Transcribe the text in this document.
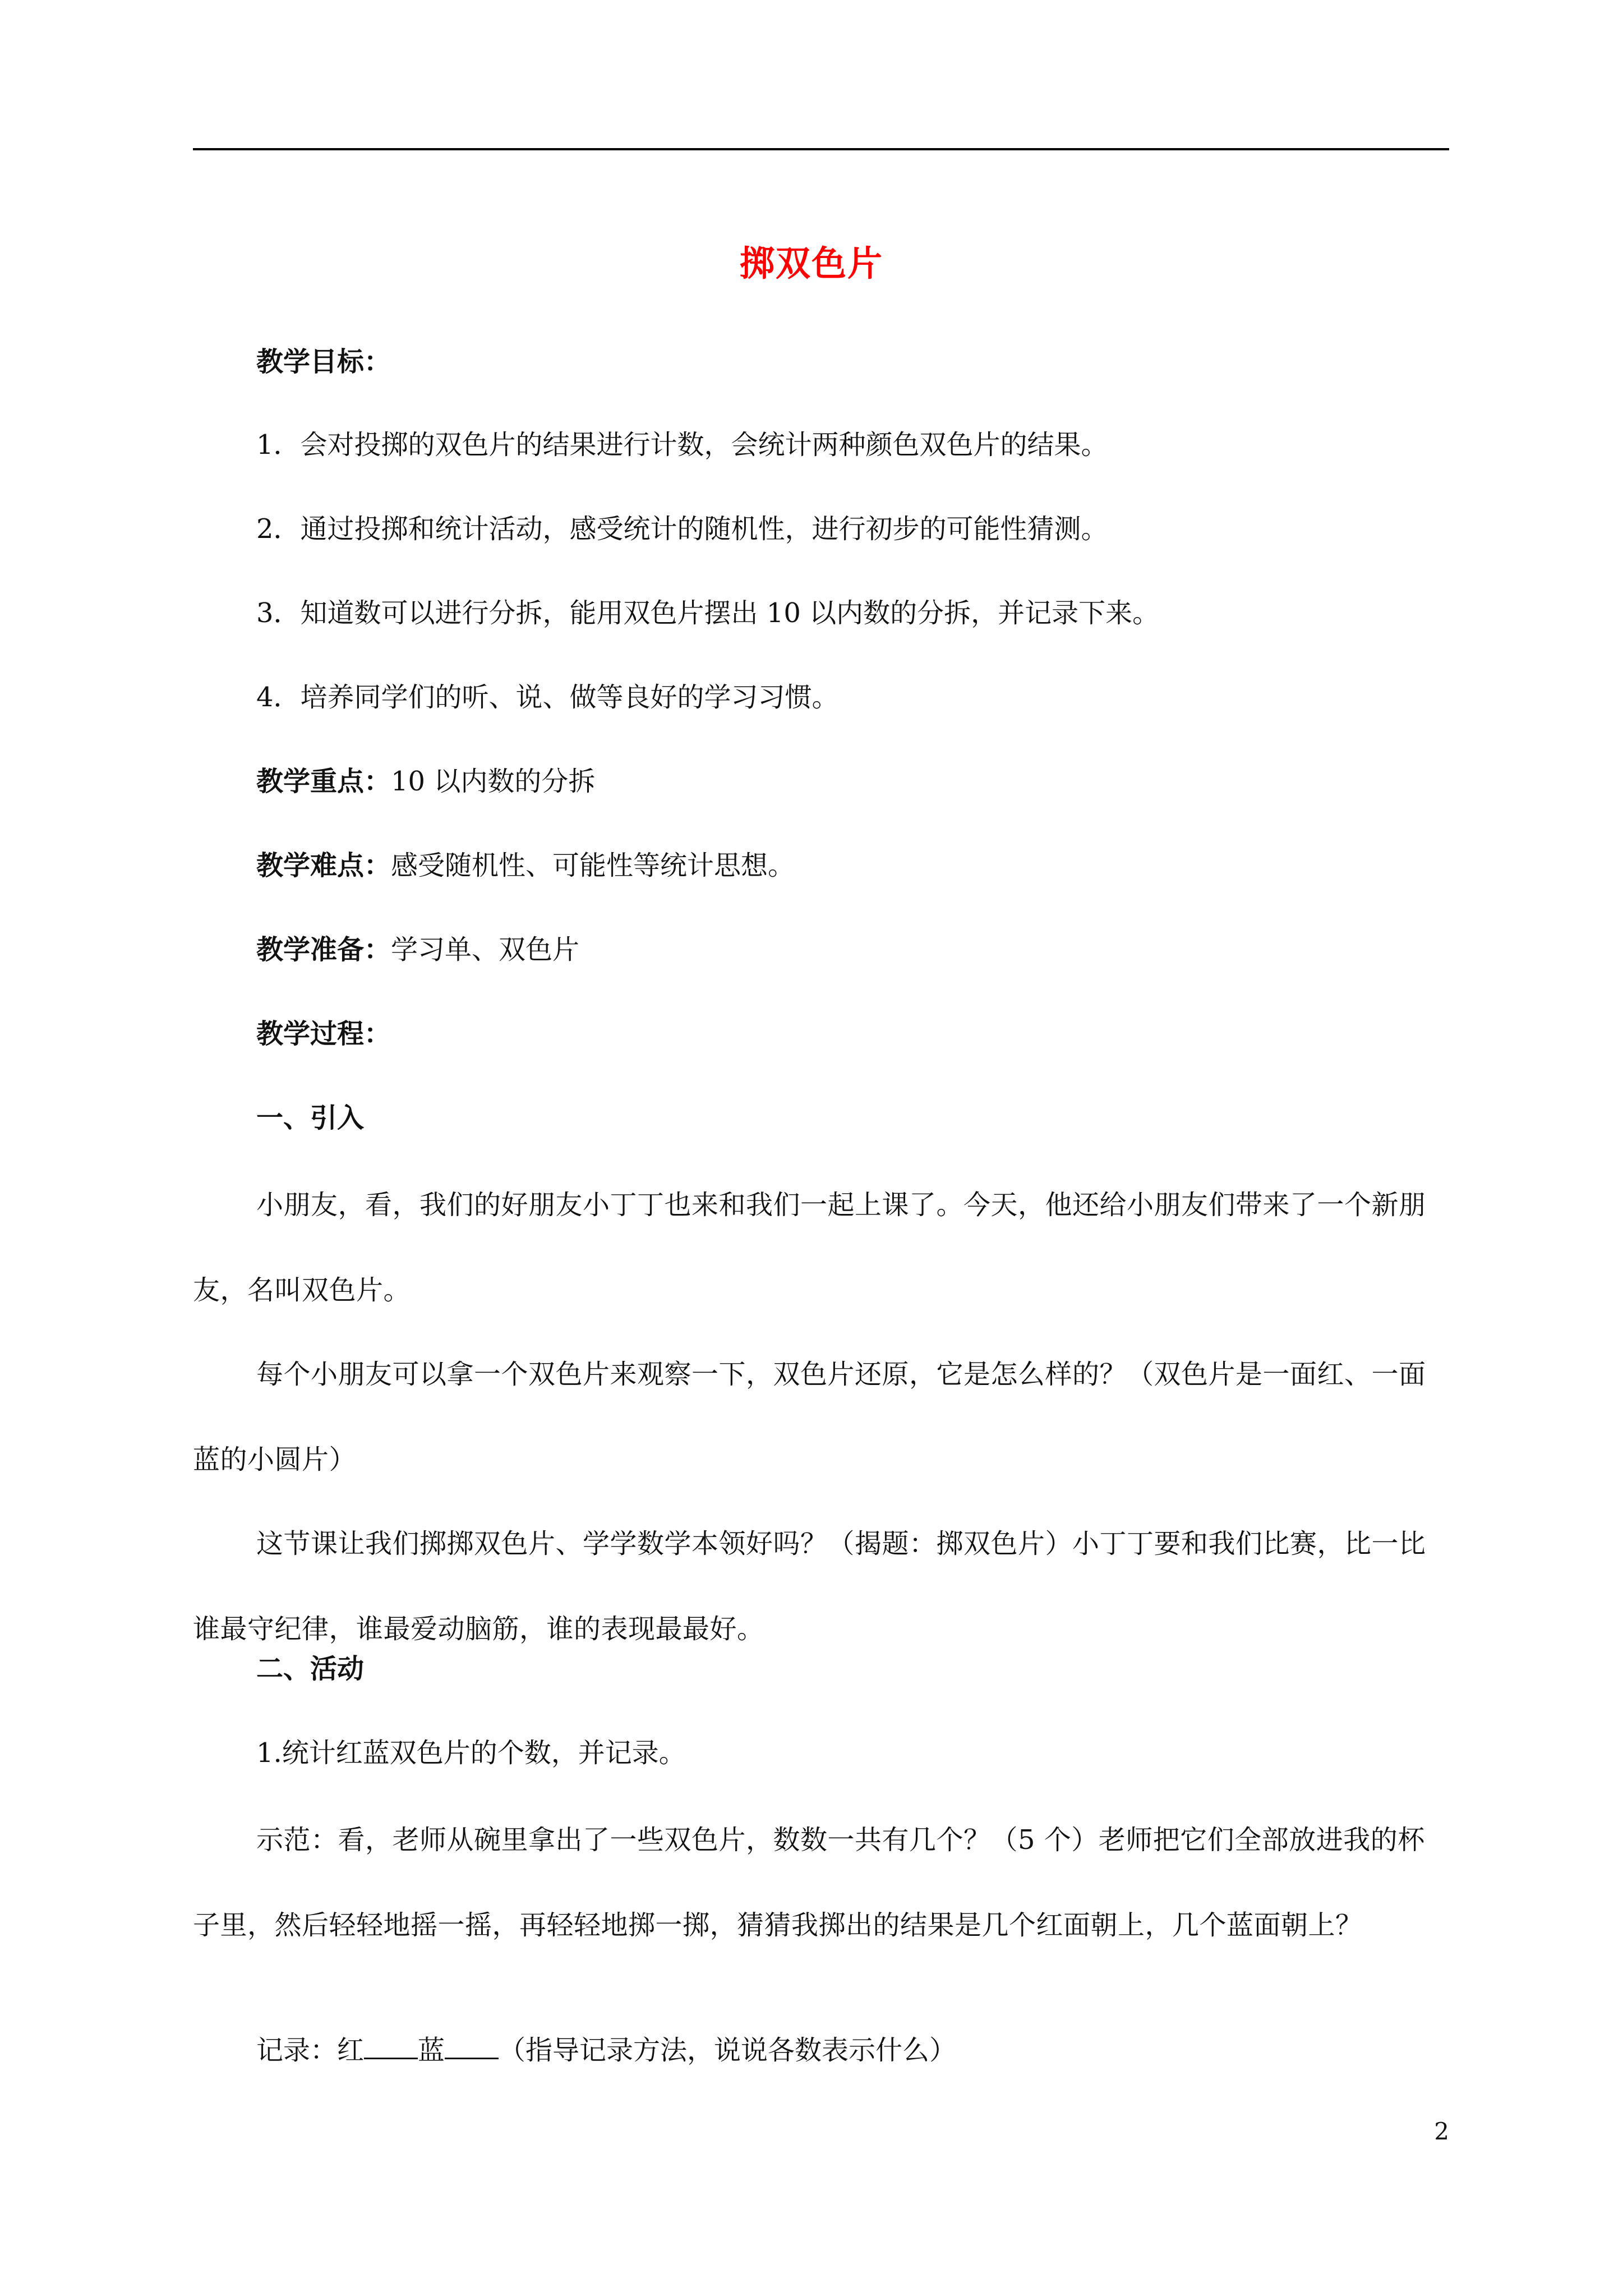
掷双色片
教学目标：
1．会对投掷的双色片的结果进行计数，会统计两种颜色双色片的结果。
2．通过投掷和统计活动，感受统计的随机性，进行初步的可能性猜测。
3．知道数可以进行分拆，能用双色片摆出 10 以内数的分拆，并记录下来。
4．培养同学们的听、说、做等良好的学习习惯。
教学重点：10 以内数的分拆
教学难点：感受随机性、可能性等统计思想。
教学准备：学习单、双色片
教学过程：
一、引入
小朋友，看，我们的好朋友小丁丁也来和我们一起上课了。今天，他还给小朋友们带来了一个新朋友，名叫双色片。
每个小朋友可以拿一个双色片来观察一下，双色片还原，它是怎么样的？（双色片是一面红、一面蓝的小圆片）
这节课让我们掷掷双色片、学学数学本领好吗？（揭题：掷双色片）小丁丁要和我们比赛，比一比谁最守纪律，谁最爱动脑筋，谁的表现最最好。
二、活动
1.统计红蓝双色片的个数，并记录。
示范：看，老师从碗里拿出了一些双色片，数数一共有几个？（5 个）老师把它们全部放进我的杯子里，然后轻轻地摇一摇，再轻轻地掷一掷，猜猜我掷出的结果是几个红面朝上，几个蓝面朝上？
记录：红 蓝 （指导记录方法，说说各数表示什么）
2
